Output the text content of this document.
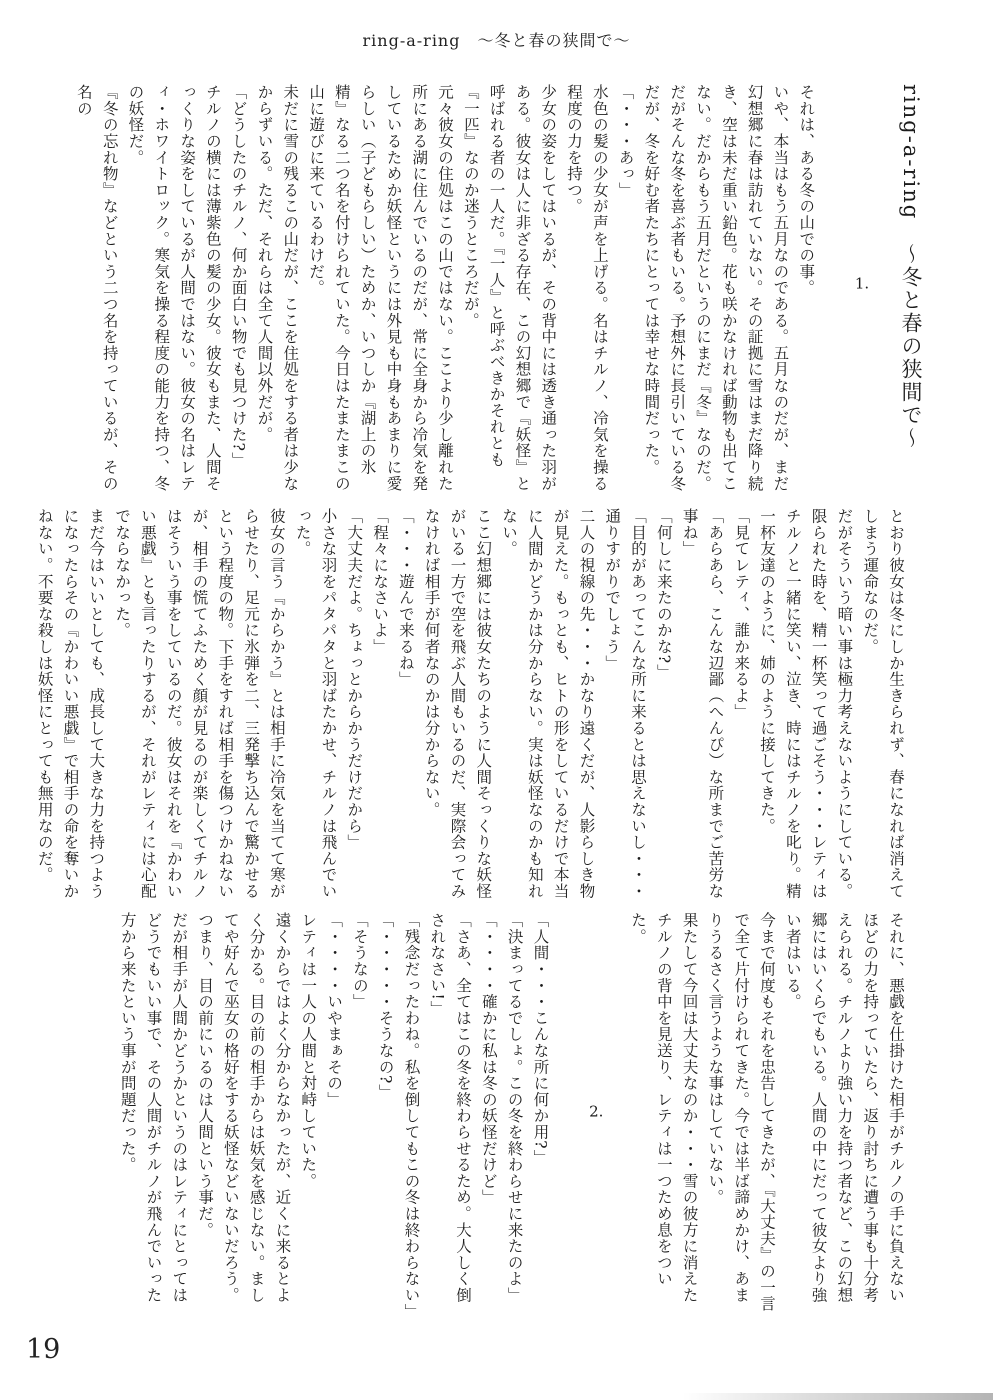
ring-a-ring　～冬と春の狭間で～

ring-a-ring　～冬と春の狭間で～

1.

それは、ある冬の山での事。

いや、本当はもう五月なのである。五月なのだが、まだ幻想郷に春は訪れていない。その証拠に雪はまだ降り続き、空は未だ重い鉛色。花も咲かなければ動物も出てこない。だからもう五月だというのにまだ『冬』なのだ。

だがそんな冬を喜ぶ者もいる。予想外に長引いている冬だが、冬を好む者たちにとっては幸せな時間だった。

「・・・あっ」

水色の髪の少女が声を上げる。名はチルノ、冷気を操る程度の力を持つ。

少女の姿をしてはいるが、その背中には透き通った羽がある。彼女は人に非ざる存在、この幻想郷で『妖怪』と呼ばれる者の一人だ。『一人』と呼ぶべきかそれとも『一匹』なのか迷うところだが。

元々彼女の住処はこの山ではない。ここより少し離れた所にある湖に住んでいるのだが、常に全身から冷気を発しているためか妖怪というには外見も中身もあまりに愛らしい（子どもらしい）ためか、いつしか『湖上の氷精』なる二つ名を付けられていた。今日はたまたまこの山に遊びに来ているわけだ。

未だに雪の残るこの山だが、ここを住処をする者は少なからずいる。ただ、それらは全て人間以外だが。

「どうしたのチルノ、何か面白い物でも見つけた?」

チルノの横には薄紫色の髪の少女。彼女もまた、人間そっくりな姿をしているが人間ではない。彼女の名はレティ・ホワイトロック。寒気を操る程度の能力を持つ、冬の妖怪だ。

『冬の忘れ物』などという二つ名を持っているが、その名の

とおり彼女は冬にしか生きられず、春になれば消えてしまう運命なのだ。

だがそういう暗い事は極力考えないようにしている。限られた時を、精一杯笑って過ごそう・・・レティはチルノと一緒に笑い、泣き、時にはチルノを叱り。精一杯友達のように、姉のように接してきた。

「見てレティ、誰か来るよ」

「あらあら、こんな辺鄙（へんぴ）な所までご苦労な事ね」

「何しに来たのかな?」

「目的があってこんな所に来るとは思えないし・・・通りすがりでしょう」

二人の視線の先・・・かなり遠くだが、人影らしき物が見えた。もっとも、ヒトの形をしているだけで本当に人間かどうかは分からない。実は妖怪なのかも知れない。

ここ幻想郷には彼女たちのように人間そっくりな妖怪がいる一方で空を飛ぶ人間もいるのだ、実際会ってみなければ相手が何者なのかは分からない。

「・・・遊んで来るね」

「程々になさいよ」

「大丈夫だよ。ちょっとからかうだけだから」

小さな羽をパタパタと羽ばたかせ、チルノは飛んでいった。

彼女の言う『からかう』とは相手に冷気を当てて寒がらせたり、足元に氷弾を二、三発撃ち込んで驚かせるという程度の物。下手をすれば相手を傷つけかねないが、相手の慌てふためく顔が見るのが楽しくてチルノはそういう事をしているのだ。彼女はそれを『かわいい悪戯』とも言ったりするが、それがレティには心配でならなかった。

まだ今はいいとしても、成長して大きな力を持つようになったらその『かわいい悪戯』で相手の命を奪いかねない。不要な殺しは妖怪にとっても無用なのだ。

それに、悪戯を仕掛けた相手がチルノの手に負えないほどの力を持っていたら、返り討ちに遭う事も十分考えられる。チルノより強い力を持つ者など、この幻想郷にはいくらでもいる。人間の中にだって彼女より強い者はいる。

今まで何度もそれを忠告してきたが、『大丈夫』の一言で全て片付けられてきた。今では半ば諦めかけ、あまりうるさく言うような事はしていない。

果たして今回は大丈夫なのか・・・雪の彼方に消えたチルノの背中を見送り、レティは一つため息をついた。

2.

「人間・・・こんな所に何か用?」

「決まってるでしょ。この冬を終わらせに来たのよ」

「・・・・確かに私は冬の妖怪だけど」

「さあ、全てはこの冬を終わらせるため。大人しく倒されなさい!」

「残念だったわね。私を倒してもこの冬は終わらない」

「・・・・・そうなの?」

「そうなの」

「・・・・いやまぁその」

レティは一人の人間と対峙していた。

遠くからではよく分からなかったが、近くに来るとよく分かる。目の前の相手からは妖気を感じない。ましてや好んで巫女の格好をする妖怪などいないだろう。つまり、目の前にいるのは人間という事だ。

だが相手が人間かどうかというのはレティにとってはどうでもいい事で、その人間がチルノが飛んでいった方から来たという事が問題だった。

19
